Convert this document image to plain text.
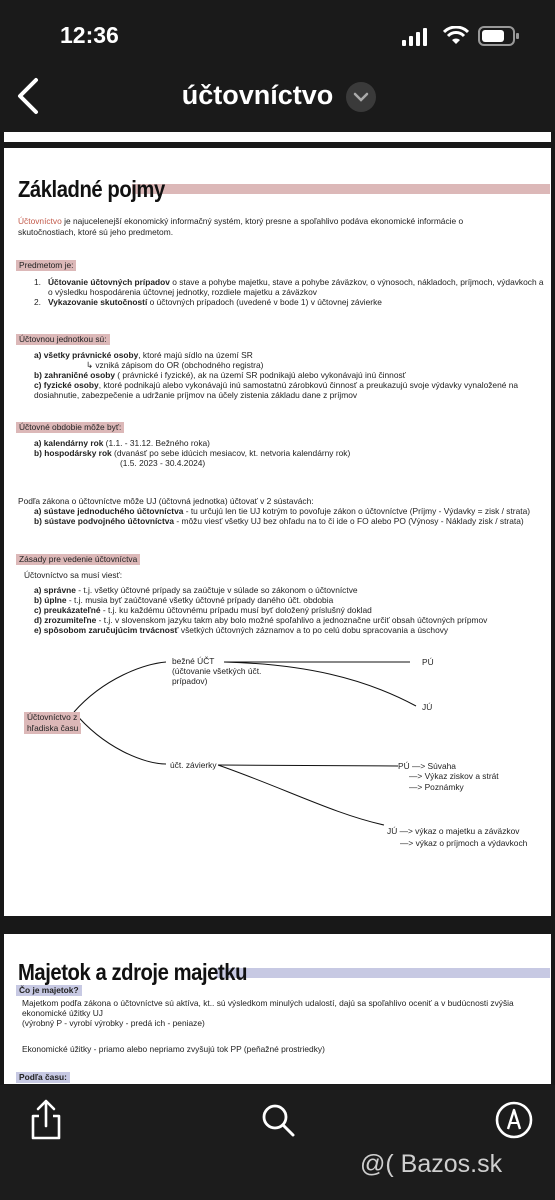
12:36
účtovníctvo
Základné pojmy
Účtovníctvo je najucelenejší ekonomický informačný systém, ktorý presne a spoľahlivo podáva ekonomické informácie o
skutočnostiach, ktoré sú jeho predmetom.
Predmetom je:
1. Účtovanie účtovných prípadov o stave a pohybe majetku, stave a pohybe záväzkov, o výnosoch, nákladoch, príjmoch, výdavkoch a
o výsledku hospodárenia účtovnej jednotky, rozdiele majetku a záväzkov
2. Vykazovanie skutočností o účtovných prípadoch (uvedené v bode 1) v účtovnej závierke
Účtovnou jednotkou sú:
a) všetky právnické osoby, ktoré majú sídlo na území SR
↳ vzniká zápisom do OR (obchodného registra)
b) zahraničné osoby ( právnické i fyzické), ak na území SR podnikajú alebo vykonávajú inú činnosť
c) fyzické osoby, ktoré podnikajú alebo vykonávajú inú samostatnú zárobkovú činnosť a preukazujú svoje výdavky vynaložené na
dosiahnutie, zabezpečenie a udržanie príjmov na účely zistenia základu dane z príjmov
Účtovné obdobie môže byť:
a) kalendárny rok (1.1. - 31.12. Bežného roka)
b) hospodársky rok (dvanásť po sebe idúcich mesiacov, kt. netvoria kalendárny rok)
(1.5. 2023 - 30.4.2024)
Podľa zákona o účtovníctve môže UJ (účtovná jednotka) účtovať v 2 sústavách:
a) sústave jednoduchého účtovníctva - tu určujú len tie UJ kotrým to povoľuje zákon o účtovníctve (Príjmy - Výdavky = zisk / strata)
b) sústave podvojného účtovníctva - môžu viesť všetky UJ bez ohľadu na to či ide o FO alebo PO (Výnosy - Náklady zisk / strata)
Zásady pre vedenie účtovníctva
Účtovníctvo sa musí viesť:
a) správne - t.j. všetky účtovné prípady sa zaúčtuje v súlade so zákonom o účtovníctve
b) úplne - t.j. musia byť zaúčtované všetky účtovné prípady daného účt. obdobia
c) preukázateľné - t.j. ku každému účtovnému prípadu musí byť doložený príslušný doklad
d) zrozumiteľne - t.j. v slovenskom jazyku takm aby bolo možné spoľahlivo a jednoznačne určiť obsah účtovných prípmov
e) spôsobom zaručujúcim trvácnosť všetkých účtovných záznamov a to po celú dobu spracovania a úschovy
Účtovníctvo z
hľadiska času
bežné ÚČT
(účtovanie všetkých účt.
prípadov)
PÚ
JÚ
účt. závierky	PÚ —> Súvaha
—> Výkaz ziskov a strát
—> Poznámky
JÚ —> výkaz o majetku a záväzkov
—> výkaz o príjmoch a výdavkoch
Majetok a zdroje majetku
Čo je majetok?
Majetkom podľa zákona o účtovníctve sú aktíva, kt.. sú výsledkom minulých udalostí, dajú sa spoľahlivo oceniť a v budúcnosti zvýšia
ekonomické úžitky UJ
(výrobný P - vyrobí výrobky - predá ich - peniaze)
Ekonomické úžitky - priamo alebo nepriamo zvyšujú tok PP (peňažné prostriedky)
Podľa času:
@( Bazos.sk
